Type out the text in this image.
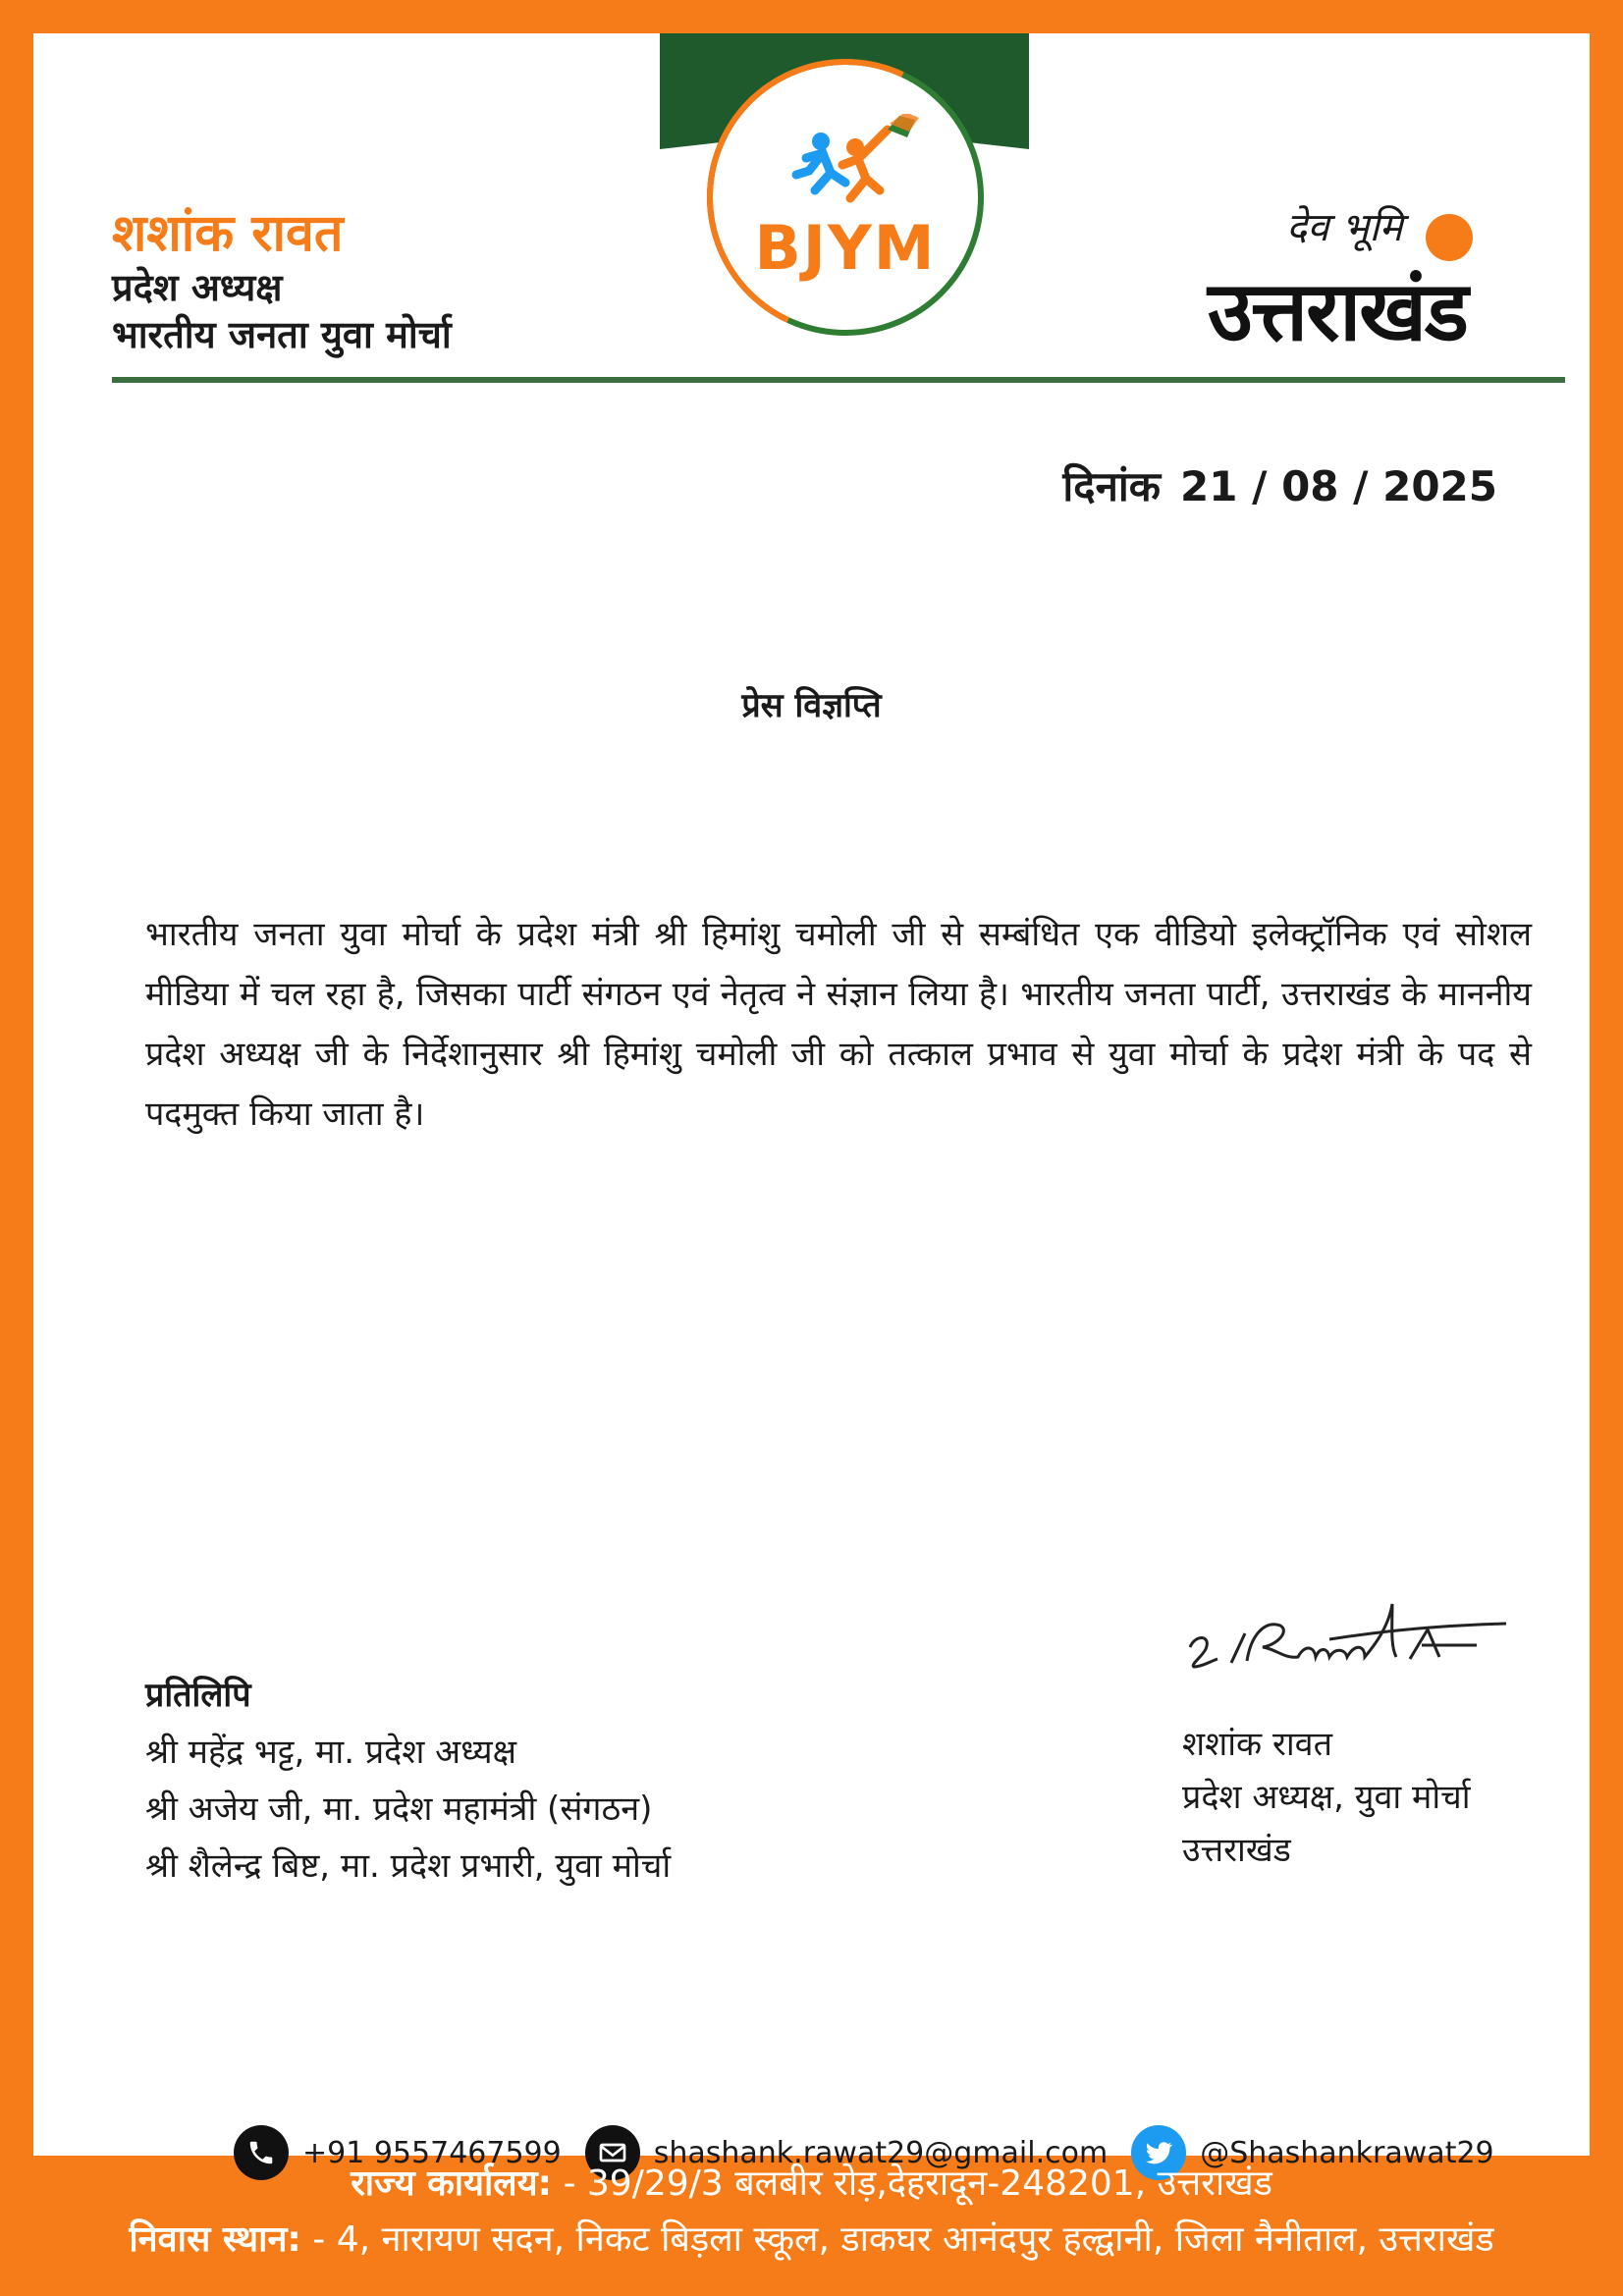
BJYM
शशांक रावत
प्रदेश अध्यक्ष
भारतीय जनता युवा मोर्चा
देव भूमि
उत्तराखंड
दिनांक 21 / 08 / 2025
प्रेस विज्ञप्ति
भारतीय जनता युवा मोर्चा के प्रदेश मंत्री श्री हिमांशु चमोली जी से सम्बंधित एक वीडियो इलेक्ट्रॉनिक एवं सोशल मीडिया में चल रहा है, जिसका पार्टी संगठन एवं नेतृत्व ने संज्ञान लिया है। भारतीय जनता पार्टी, उत्तराखंड के माननीय प्रदेश अध्यक्ष जी के निर्देशानुसार श्री हिमांशु चमोली जी को तत्काल प्रभाव से युवा मोर्चा के प्रदेश मंत्री के पद से पदमुक्त किया जाता है।
प्रतिलिपि
श्री महेंद्र भट्ट, मा. प्रदेश अध्यक्ष
श्री अजेय जी, मा. प्रदेश महामंत्री (संगठन)
श्री शैलेन्द्र बिष्ट, मा. प्रदेश प्रभारी, युवा मोर्चा
शशांक रावत
प्रदेश अध्यक्ष, युवा मोर्चा
उत्तराखंड
+91 9557467599	shashank.rawat29@gmail.com	@Shashankrawat29
राज्य कार्यालय: - 39/29/3 बलबीर रोड़,देहरादून-248201, उत्तराखंड
निवास स्थान: - 4, नारायण सदन, निकट बिड़ला स्कूल, डाकघर आनंदपुर हल्द्वानी, जिला नैनीताल, उत्तराखंड
